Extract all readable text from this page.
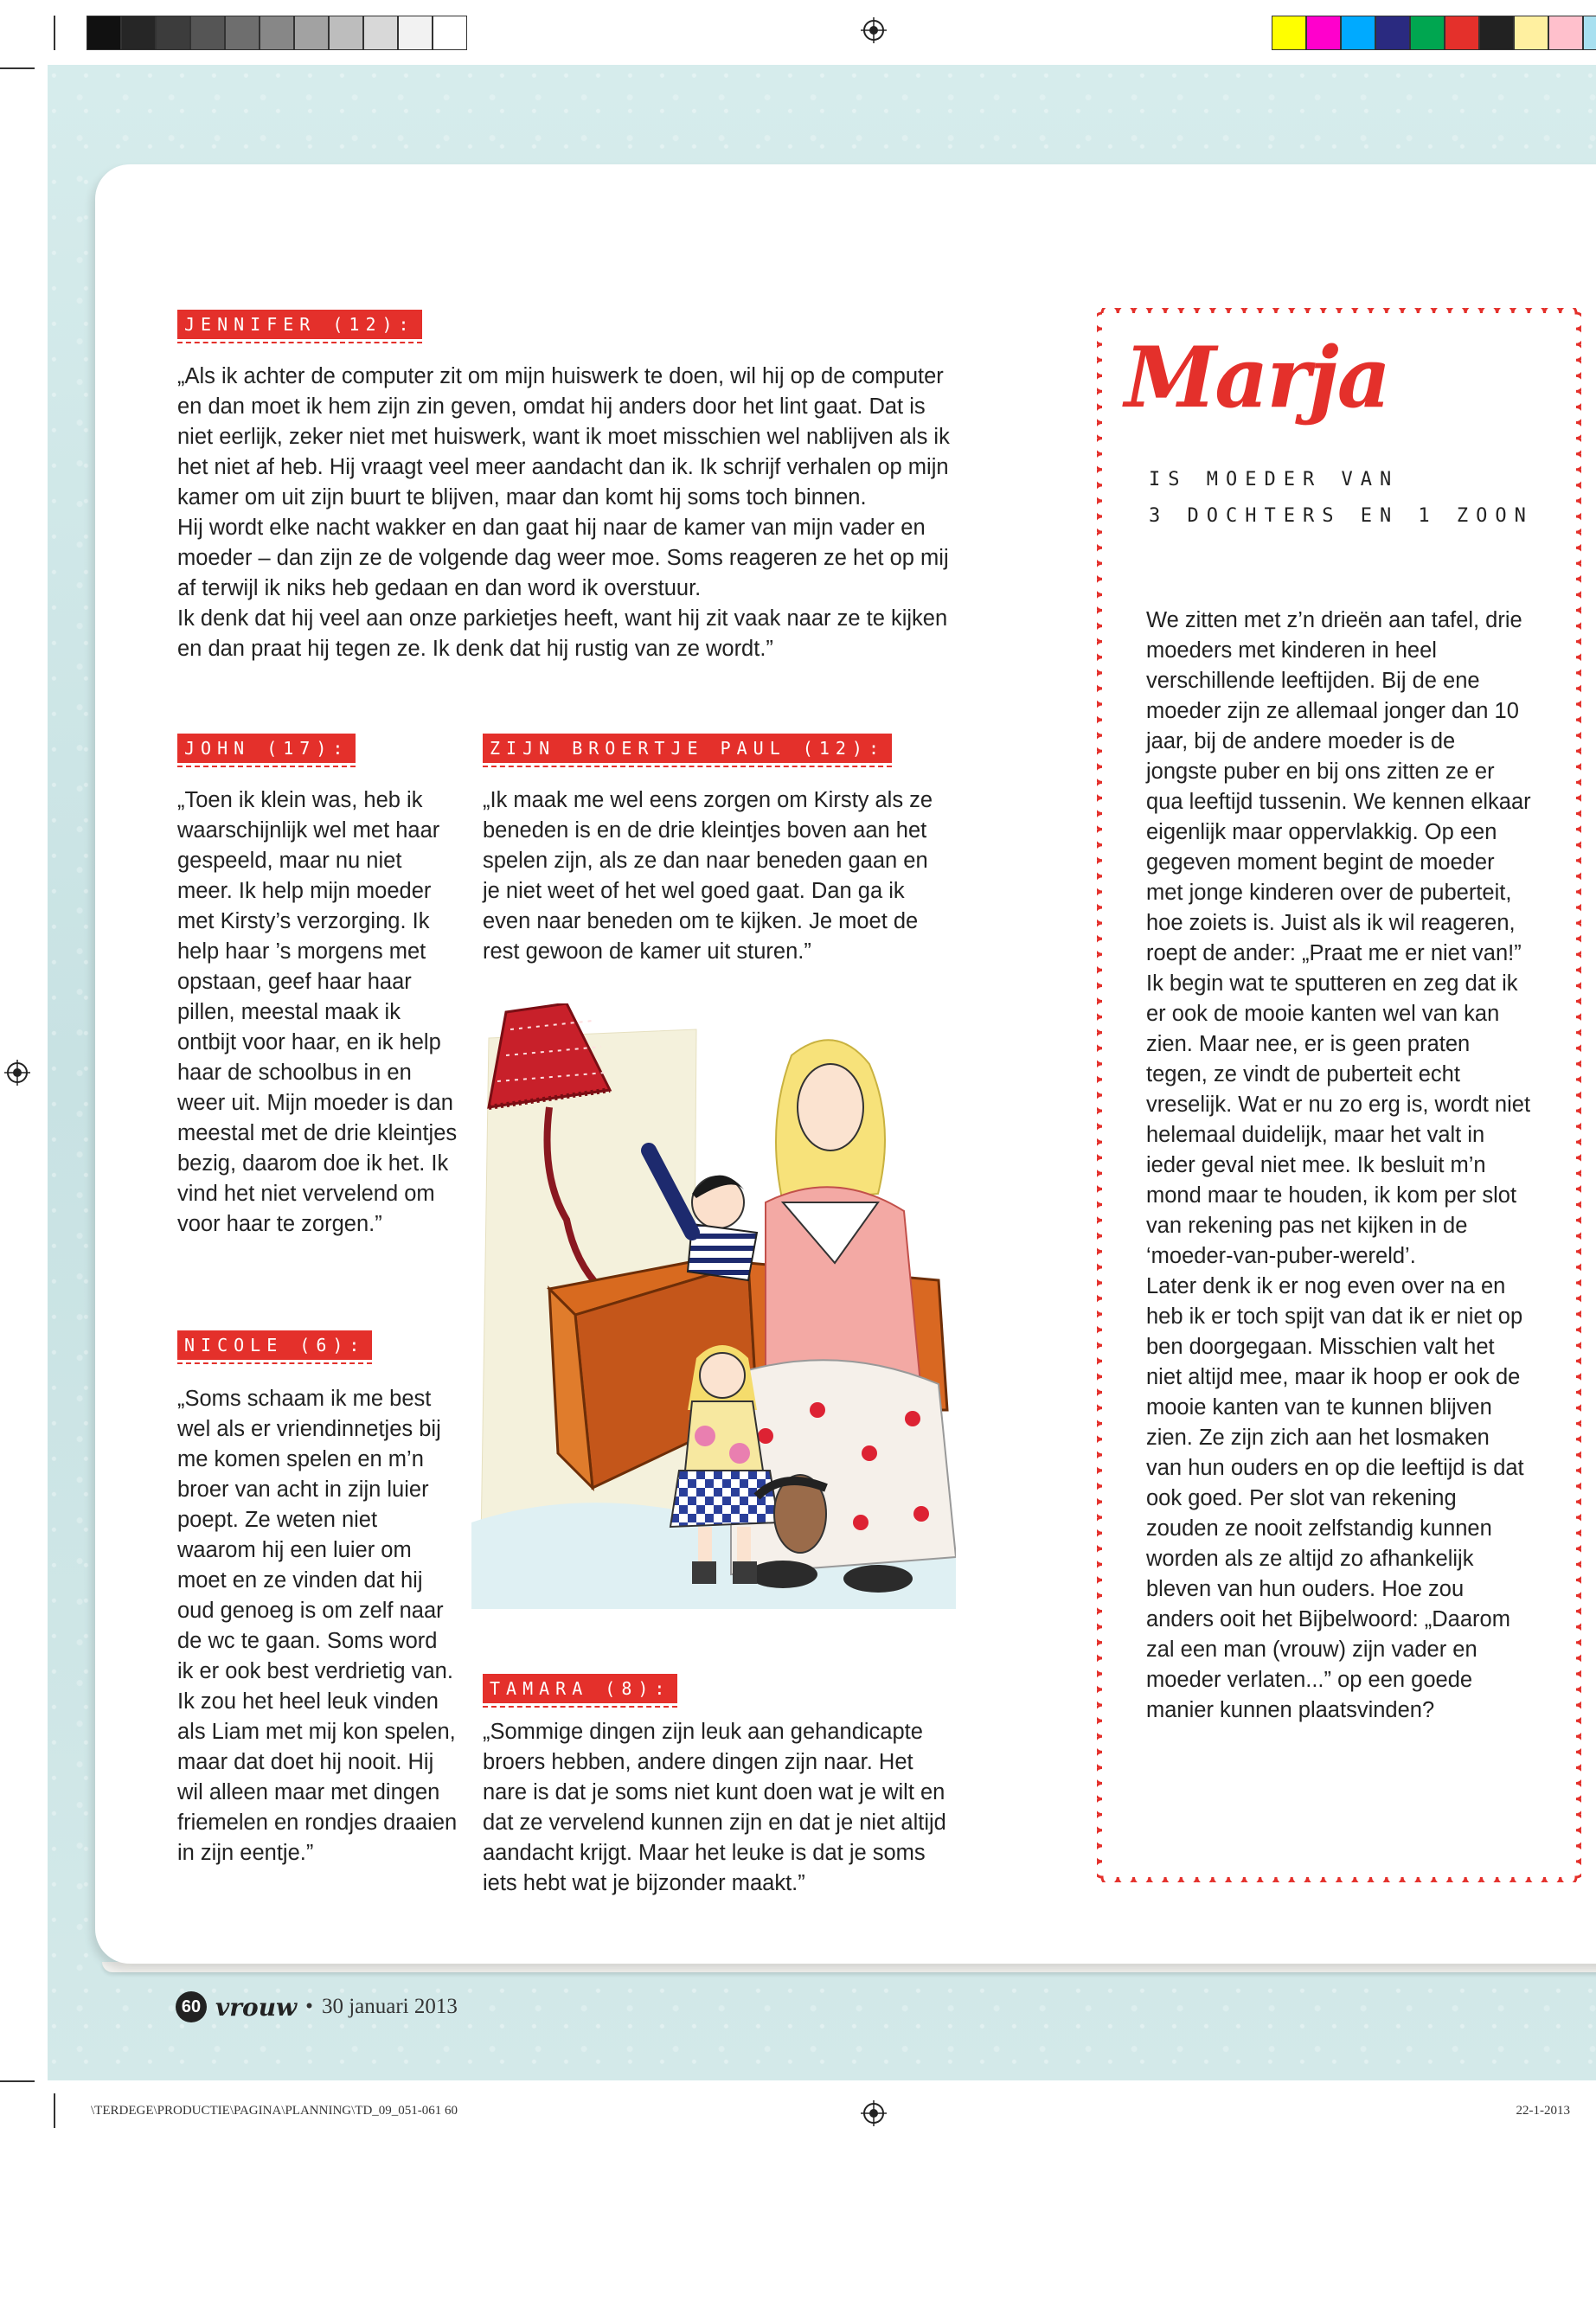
JENNIFER (12):

„Als ik achter de computer zit om mijn huiswerk te doen, wil hij op de computer en dan moet ik hem zijn zin geven, omdat hij anders door het lint gaat. Dat is niet eerlijk, zeker niet met huiswerk, want ik moet misschien wel nablijven als ik het niet af heb. Hij vraagt veel meer aandacht dan ik. Ik schrijf verhalen op mijn kamer om uit zijn buurt te blijven, maar dan komt hij soms toch binnen.

Hij wordt elke nacht wakker en dan gaat hij naar de kamer van mijn vader en moeder – dan zijn ze de volgende dag weer moe. Soms reageren ze het op mij af terwijl ik niks heb gedaan en dan word ik overstuur.

Ik denk dat hij veel aan onze parkietjes heeft, want hij zit vaak naar ze te kijken en dan praat hij tegen ze. Ik denk dat hij rustig van ze wordt.”

JOHN (17):
„Toen ik klein was, heb ik waarschijnlijk wel met haar gespeeld, maar nu niet meer. Ik help mijn moeder met Kirsty’s verzorging. Ik help haar ’s morgens met opstaan, geef haar haar pillen, meestal maak ik ontbijt voor haar, en ik help haar de schoolbus in en weer uit. Mijn moeder is dan meestal met de drie kleintjes bezig, daarom doe ik het. Ik vind het niet vervelend om voor haar te zorgen.”
ZIJN BROERTJE PAUL (12):
„Ik maak me wel eens zorgen om Kirsty als ze beneden is en de drie kleintjes boven aan het spelen zijn, als ze dan naar beneden gaan en je niet weet of het wel goed gaat. Dan ga ik even naar beneden om te kijken. Je moet de rest gewoon de kamer uit sturen.”
NICOLE (6):
„Soms schaam ik me best wel als er vriendinnetjes bij me komen spelen en m’n broer van acht in zijn luier poept. Ze weten niet waarom hij een luier om moet en ze vinden dat hij oud genoeg is om zelf naar de wc te gaan. Soms word ik er ook best verdrietig van. Ik zou het heel leuk vinden als Liam met mij kon spelen, maar dat doet hij nooit. Hij wil alleen maar met dingen friemelen en rondjes draaien in zijn eentje.”
TAMARA (8):
„Sommige dingen zijn leuk aan gehandicapte broers hebben, andere dingen zijn naar. Het nare is dat je soms niet kunt doen wat je wilt en dat ze vervelend kunnen zijn en dat je niet altijd aandacht krijgt. Maar het leuke is dat je soms iets hebt wat je bijzonder maakt.”
Marja
IS MOEDER VAN
3 DOCHTERS EN 1 ZOON

We zitten met z’n drieën aan tafel, drie moeders met kinderen in heel verschillende leeftijden. Bij de ene moeder zijn ze allemaal jonger dan 10 jaar, bij de andere moeder is de jongste puber en bij ons zitten ze er qua leeftijd tussenin. We kennen elkaar eigenlijk maar oppervlakkig. Op een gegeven moment begint de moeder met jonge kinderen over de puberteit, hoe zoiets is. Juist als ik wil reageren, roept de ander: „Praat me er niet van!”

Ik begin wat te sputteren en zeg dat ik er ook de mooie kanten wel van kan zien. Maar nee, er is geen praten tegen, ze vindt de puberteit echt vreselijk. Wat er nu zo erg is, wordt niet helemaal duidelijk, maar het valt in ieder geval niet mee. Ik besluit m’n mond maar te houden, ik kom per slot van rekening pas net kijken in de ‘moeder-van-puber-wereld’.

Later denk ik er nog even over na en heb ik er toch spijt van dat ik er niet op ben doorgegaan. Misschien valt het niet altijd mee, maar ik hoop er ook de mooie kanten van te kunnen blijven zien. Ze zijn zich aan het losmaken van hun ouders en op die leeftijd is dat ook goed. Per slot van rekening zouden ze nooit zelfstandig kunnen worden als ze altijd zo afhankelijk bleven van hun ouders. Hoe zou anders ooit het Bijbelwoord: „Daarom zal een man (vrouw) zijn vader en moeder verlaten...” op een goede manier kunnen plaatsvinden?

60 vrouw • 30 januari 2013
\TERDEGE\PRODUCTIE\PAGINA\PLANNING\TD_09_051-061 60	22-1-2013
